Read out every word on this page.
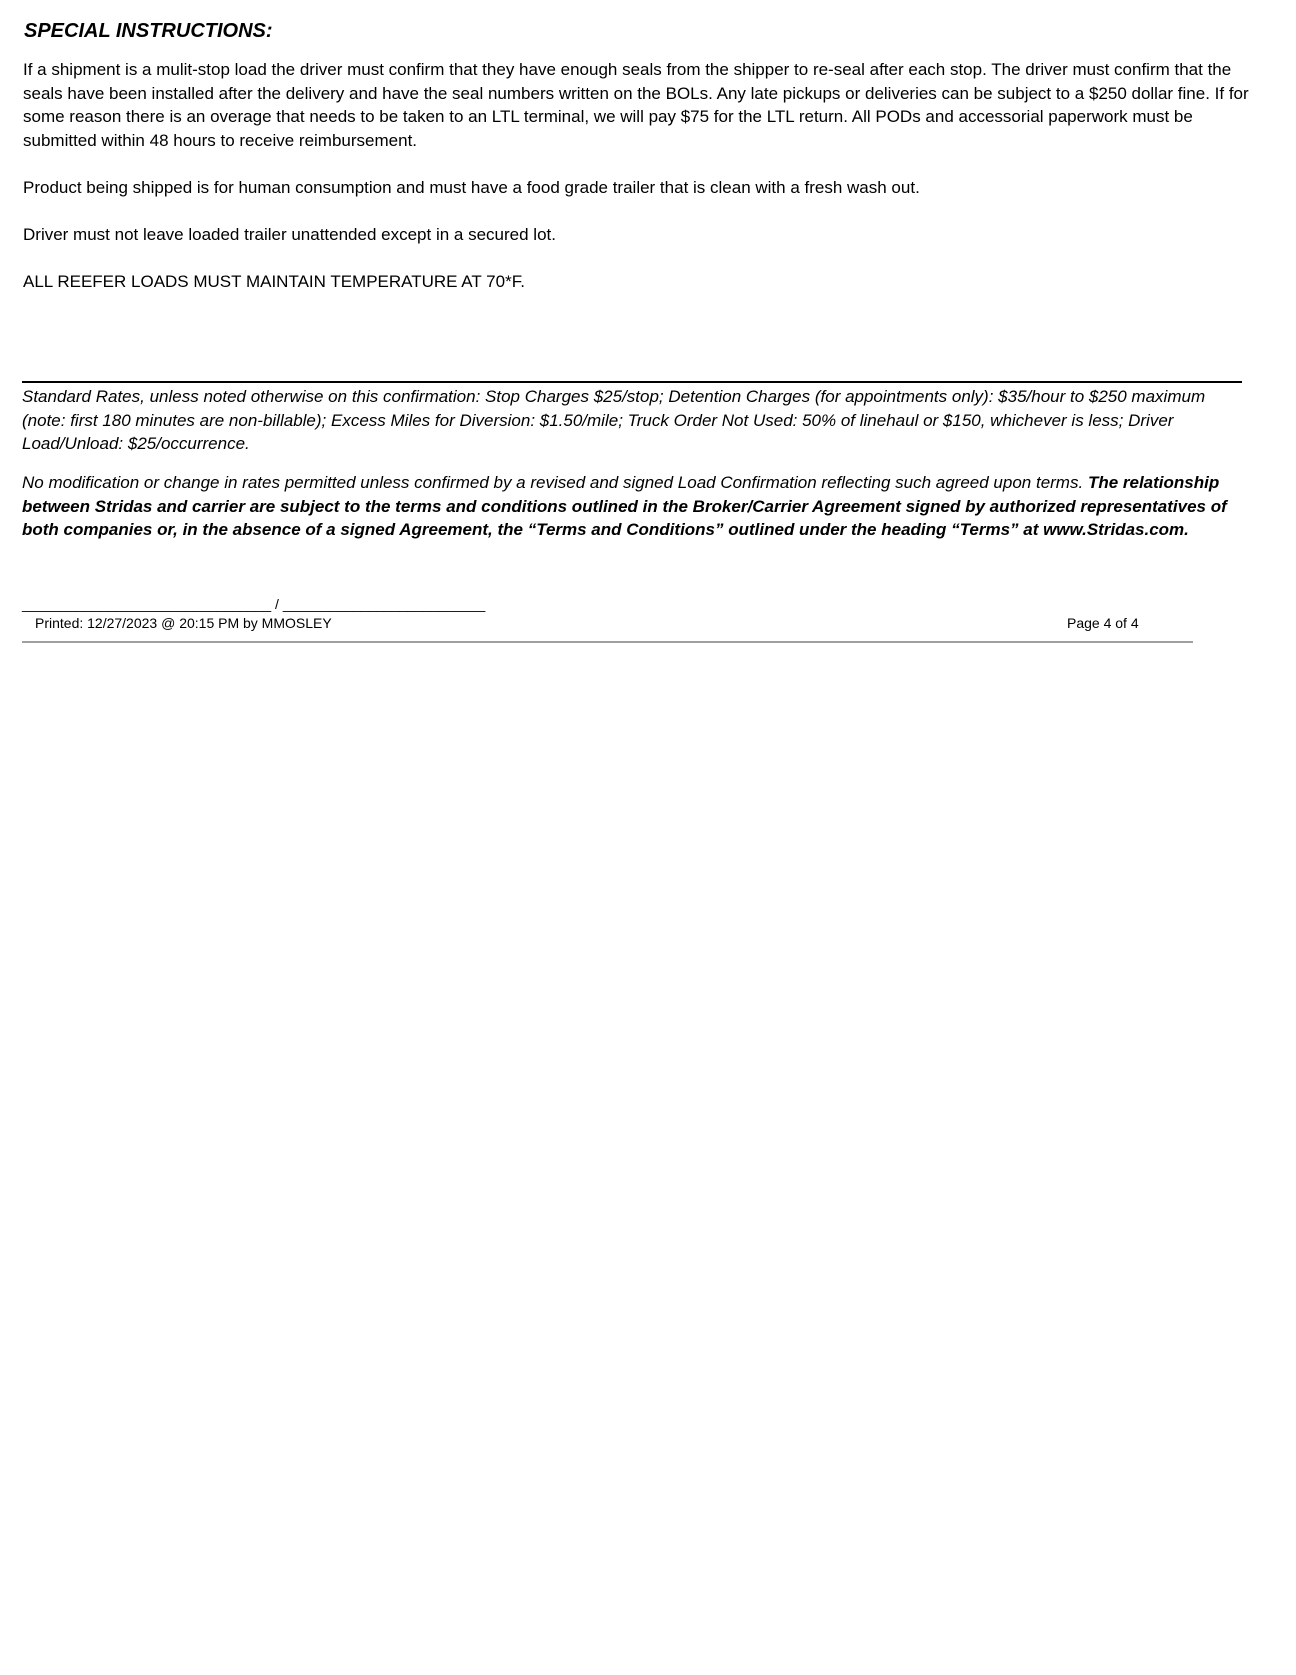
SPECIAL INSTRUCTIONS:

If a shipment is a mulit-stop load the driver must confirm that they have enough seals from the shipper to re-seal after each stop. The driver must confirm that the seals have been installed after the delivery and have the seal numbers written on the BOLs. Any late pickups or deliveries can be subject to a $250 dollar fine. If for some reason there is an overage that needs to be taken to an LTL terminal, we will pay $75 for the LTL return. All PODs and accessorial paperwork must be submitted within 48 hours to receive reimbursement.

Product being shipped is for human consumption and must have a food grade trailer that is clean with a fresh wash out.

Driver must not leave loaded trailer unattended except in a secured lot.

ALL REEFER LOADS MUST MAINTAIN TEMPERATURE AT 70*F.

Standard Rates, unless noted otherwise on this confirmation: Stop Charges $25/stop; Detention Charges (for appointments only): $35/hour to $250 maximum (note: first 180 minutes are non-billable); Excess Miles for Diversion: $1.50/mile; Truck Order Not Used: 50% of linehaul or $150, whichever is less; Driver Load/Unload: $25/occurrence.

No modification or change in rates permitted unless confirmed by a revised and signed Load Confirmation reflecting such agreed upon terms. The relationship between Stridas and carrier are subject to the terms and conditions outlined in the Broker/Carrier Agreement signed by authorized representatives of both companies or, in the absence of a signed Agreement, the “Terms and Conditions” outlined under the heading “Terms” at www.Stridas.com.

________________________________ / __________________________
Printed: 12/27/2023 @ 20:15 PM by MMOSLEY	Page 4 of 4
